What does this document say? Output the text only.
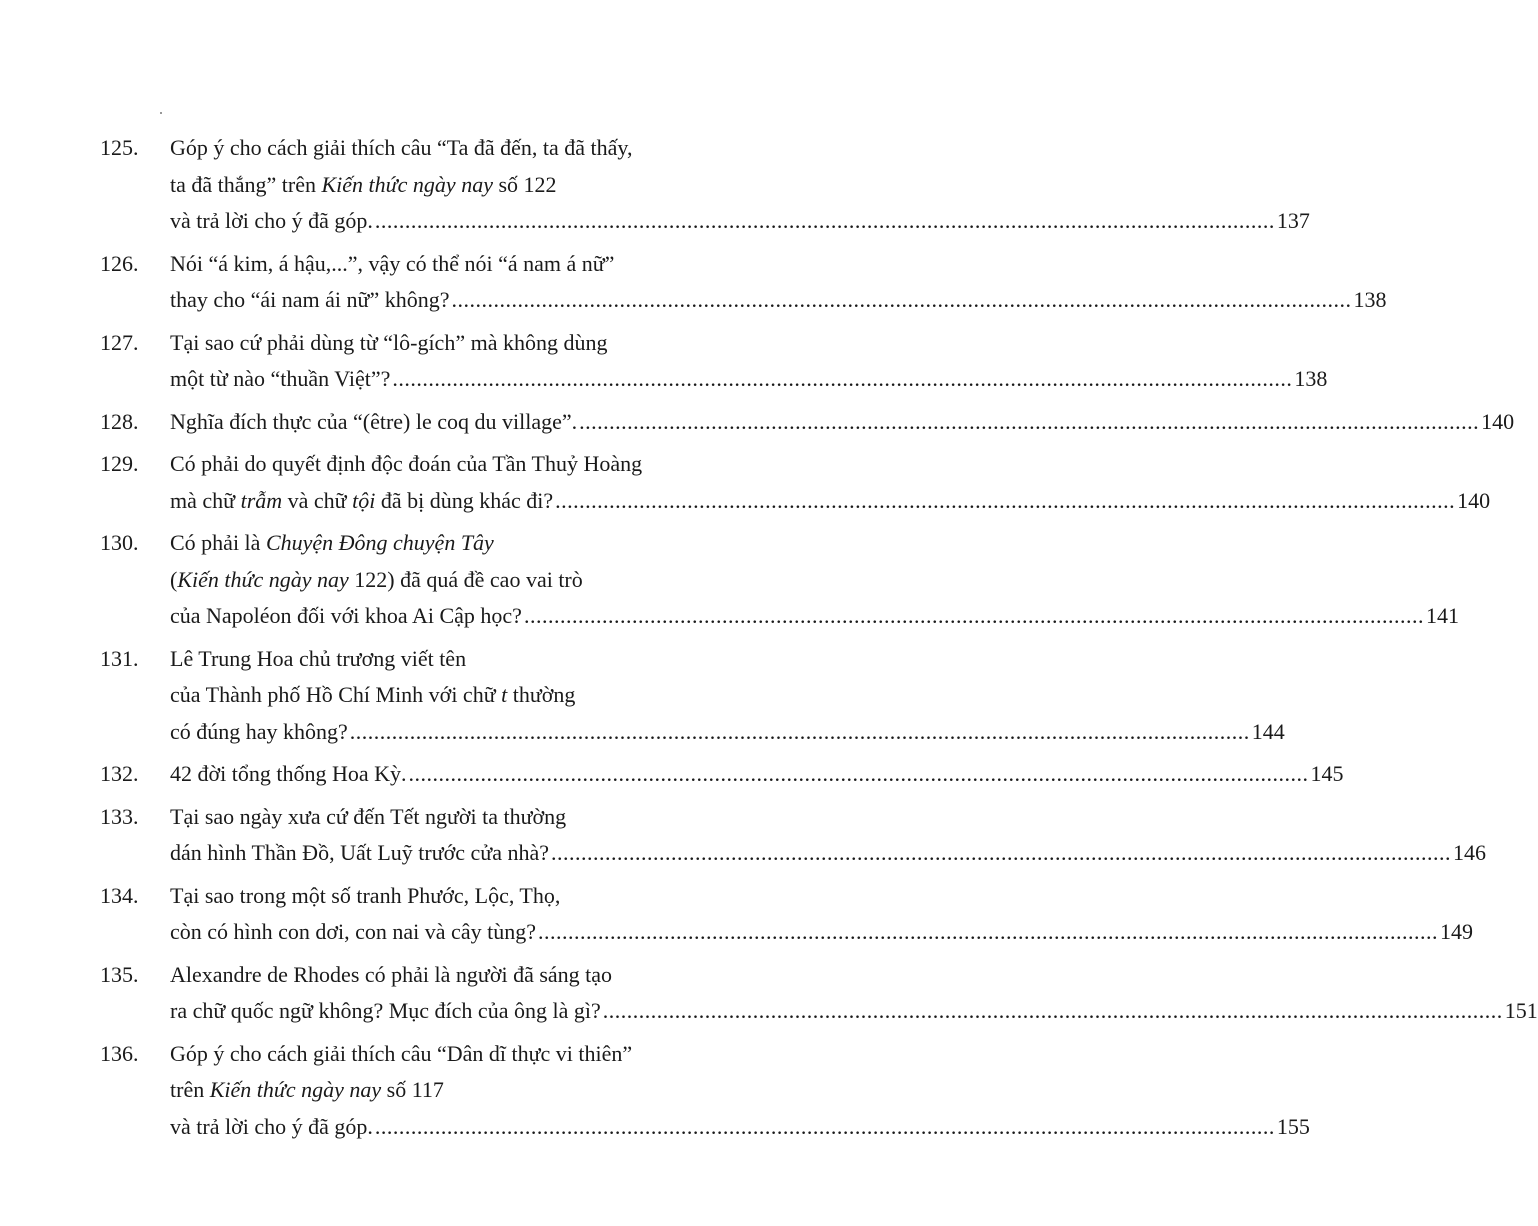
125.	Góp ý cho cách giải thích câu “Ta đã đến, ta đã thấy,
ta đã thắng” trên Kiến thức ngày nay số 122
và trả lời cho ý đã góp. .....	137
126.	Nói “á kim, á hậu,...”, vậy có thể nói “á nam á nữ”
thay cho “ái nam ái nữ” không? .....	138
127.	Tại sao cứ phải dùng từ “lô-gích” mà không dùng
một từ nào “thuần Việt”? .....	138
128.	Nghĩa đích thực của “(être) le coq du village”. .....	140
129.	Có phải do quyết định độc đoán của Tần Thuỷ Hoàng
mà chữ trẫm và chữ tội đã bị dùng khác đi? .....	140
130.	Có phải là Chuyện Đông chuyện Tây
(Kiến thức ngày nay 122) đã quá đề cao vai trò
của Napoléon đối với khoa Ai Cập học? .....	141
131.	Lê Trung Hoa chủ trương viết tên
của Thành phố Hồ Chí Minh với chữ t thường
có đúng hay không? .....	144
132.	42 đời tổng thống Hoa Kỳ. .....	145
133.	Tại sao ngày xưa cứ đến Tết người ta thường
dán hình Thần Đồ, Uất Luỹ trước cửa nhà? .....	146
134.	Tại sao trong một số tranh Phước, Lộc, Thọ,
còn có hình con dơi, con nai và cây tùng? .....	149
135.	Alexandre de Rhodes có phải là người đã sáng tạo
ra chữ quốc ngữ không? Mục đích của ông là gì? .....	151
136.	Góp ý cho cách giải thích câu “Dân dĩ thực vi thiên”
trên Kiến thức ngày nay số 117
và trả lời cho ý đã góp. .....	155
